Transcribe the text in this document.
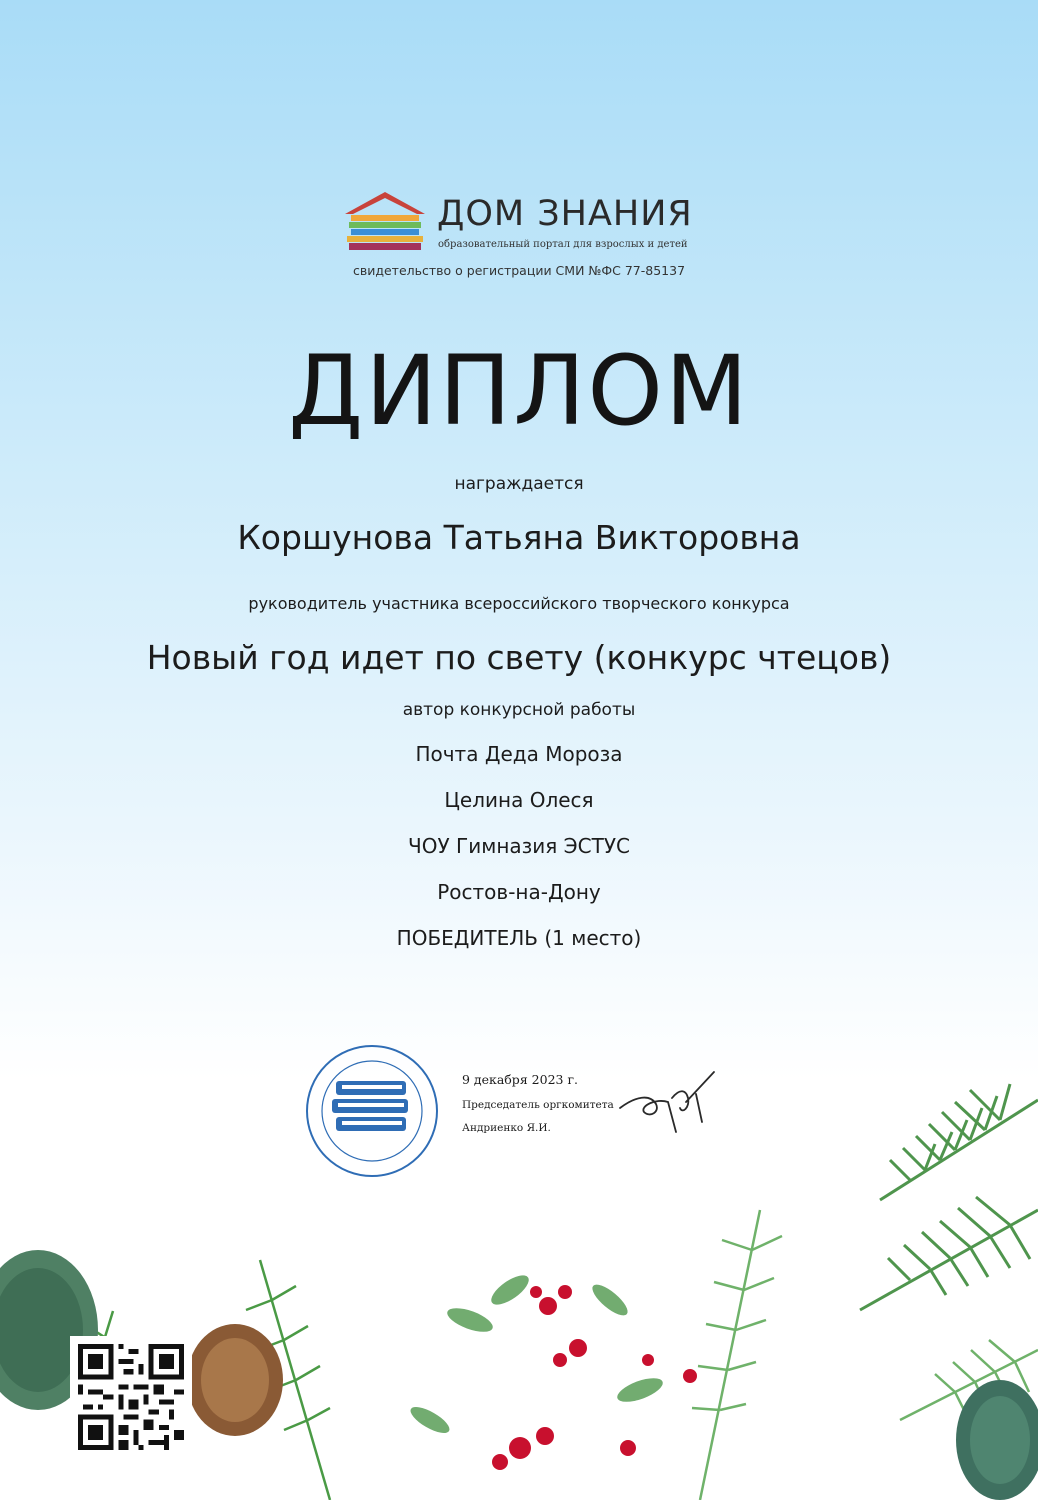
ДОМ ЗНАНИЯ
образовательный портал для взрослых и детей
свидетельство о регистрации СМИ №ФС 77-85137
ДИПЛОМ
награждается
Коршунова Татьяна Викторовна
руководитель участника всероссийского творческого конкурса
Новый год идет по свету (конкурс чтецов)
автор конкурсной работы
Почта Деда Мороза
Целина Олеся
ЧОУ Гимназия ЭСТУС
Ростов-на-Дону
ПОБЕДИТЕЛЬ (1 место)
9 декабря 2023 г.
Председатель оргкомитета
Андриенко Я.И.
